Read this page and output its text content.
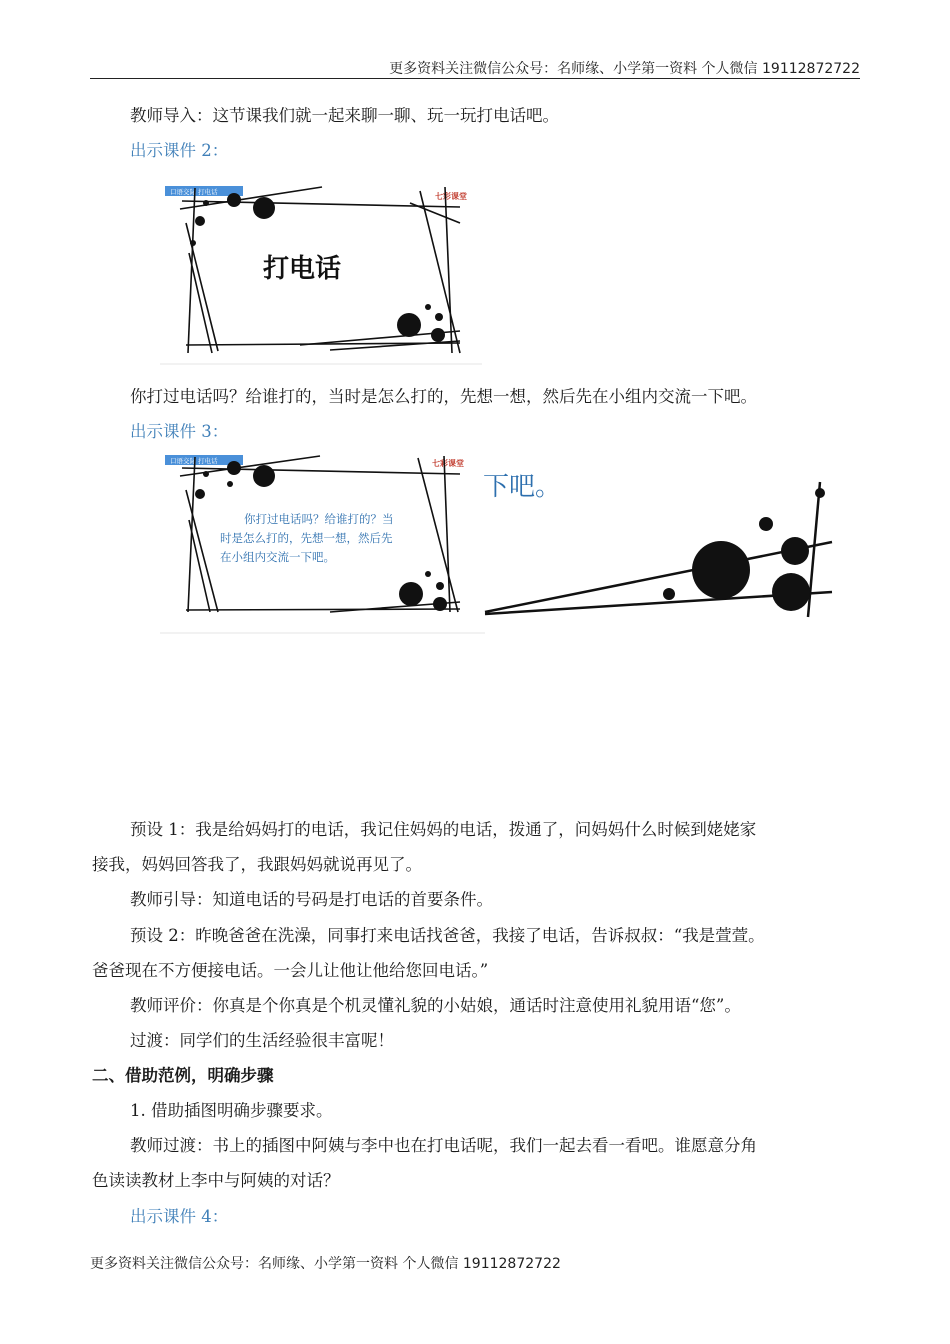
更多资料关注微信公众号：名师缘、小学第一资料 个人微信 19112872722
教师导入：这节课我们就一起来聊一聊、玩一玩打电话吧。
出示课件 2：
口语交际 打电话	七彩课堂
打电话
你打过电话吗？给谁打的，当时是怎么打的，先想一想，然后先在小组内交流一下吧。
出示课件 3：
口语交际 打电话	七彩课堂
你打过电话吗？给谁打的？当
时是怎么打的，先想一想，然后先
在小组内交流一下吧。
下吧。
预设 1：我是给妈妈打的电话，我记住妈妈的电话，拨通了，问妈妈什么时候到姥姥家
接我，妈妈回答我了，我跟妈妈就说再见了。
教师引导：知道电话的号码是打电话的首要条件。
预设 2：昨晚爸爸在洗澡，同事打来电话找爸爸，我接了电话，告诉叔叔：“我是萱萱。
爸爸现在不方便接电话。一会儿让他让他给您回电话。”
教师评价：你真是个你真是个机灵懂礼貌的小姑娘，通话时注意使用礼貌用语“您”。
过渡：同学们的生活经验很丰富呢！
二、借助范例，明确步骤
1. 借助插图明确步骤要求。
教师过渡：书上的插图中阿姨与李中也在打电话呢，我们一起去看一看吧。谁愿意分角
色读读教材上李中与阿姨的对话？
出示课件 4：
更多资料关注微信公众号：名师缘、小学第一资料 个人微信 19112872722
